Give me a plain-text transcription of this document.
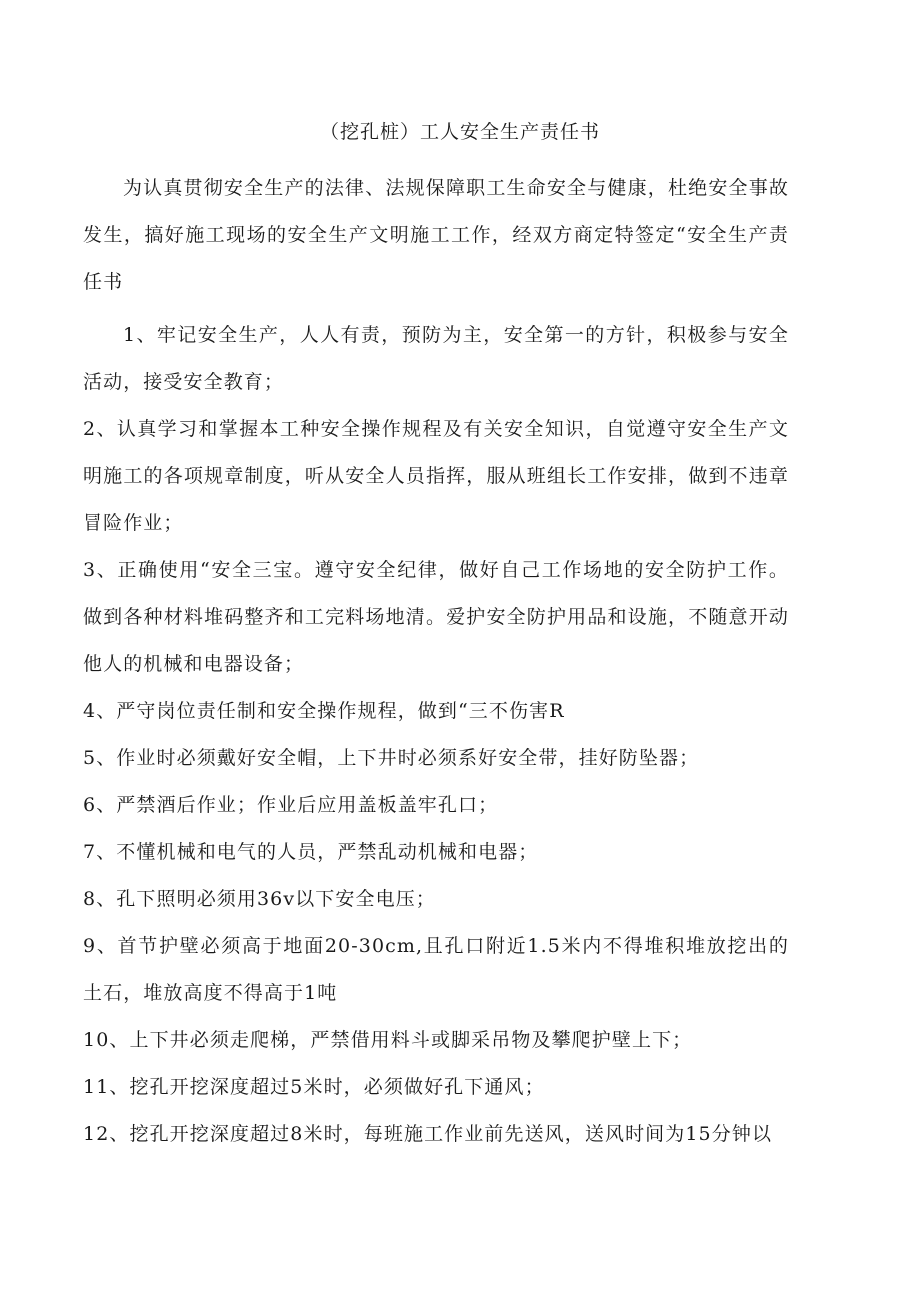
（挖孔桩）工人安全生产责任书

为认真贯彻安全生产的法律、法规保障职工生命安全与健康，杜绝安全事故发生，搞好施工现场的安全生产文明施工工作，经双方商定特签定“安全生产责任书

1、牢记安全生产，人人有责，预防为主，安全第一的方针，积极参与安全活动，接受安全教育；

2、认真学习和掌握本工种安全操作规程及有关安全知识，自觉遵守安全生产文明施工的各项规章制度，听从安全人员指挥，服从班组长工作安排，做到不违章冒险作业；

3、正确使用“安全三宝。遵守安全纪律，做好自己工作场地的安全防护工作。做到各种材料堆码整齐和工完料场地清。爱护安全防护用品和设施，不随意开动他人的机械和电器设备；

4、严守岗位责任制和安全操作规程，做到“三不伤害R

5、作业时必须戴好安全帽，上下井时必须系好安全带，挂好防坠器；

6、严禁酒后作业；作业后应用盖板盖牢孔口；

7、不懂机械和电气的人员，严禁乱动机械和电器；

8、孔下照明必须用36v以下安全电压；

9、首节护壁必须高于地面20-30cm,且孔口附近1.5米内不得堆积堆放挖出的土石，堆放高度不得高于1吨

10、上下井必须走爬梯，严禁借用料斗或脚采吊物及攀爬护壁上下；

11、挖孔开挖深度超过5米时，必须做好孔下通风；

12、挖孔开挖深度超过8米时，每班施工作业前先送风，送风时间为15分钟以
